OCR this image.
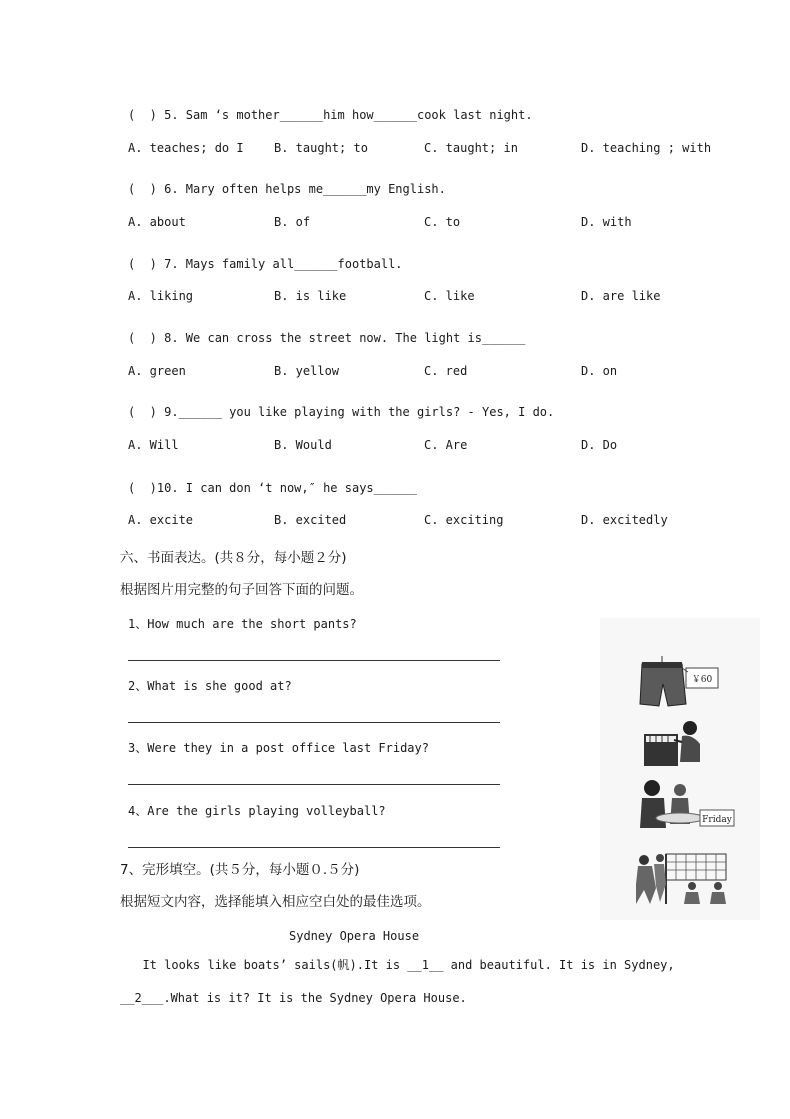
(  ) 5. Sam ‘s mother______him how______cook last night.
A. teaches; do I	B. taught; to	C. taught; in	D. teaching ; with
(  ) 6. Mary often helps me______my English.
A. about	B. of	C. to	D. with
(  ) 7. Mays family all______football.
A. liking	B. is like	C. like	D. are like
(  ) 8. We can cross the street now. The light is______
A. green	B. yellow	C. red	D. on
(  ) 9.______ you like playing with the girls? - Yes, I do.
A. Will	B. Would	C. Are	D. Do
(  )10. I can don ‘t now,″ he says______
A. excite	B. excited	C. exciting	D. excitedly
六、书面表达。(共８分，每小题２分)
根据图片用完整的句子回答下面的问题。
1、How much are the short pants?
2、What is she good at?
3、Were they in a post office last Friday?
4、Are the girls playing volleyball?
￥60
Friday
7、完形填空。(共５分，每小题０.５分)
根据短文内容，选择能填入相应空白处的最佳选项。
Sydney Opera House
It looks like boats’ sails(帆).It is __1__ and beautiful. It is in Sydney,
__2___.What is it? It is the Sydney Opera House.
